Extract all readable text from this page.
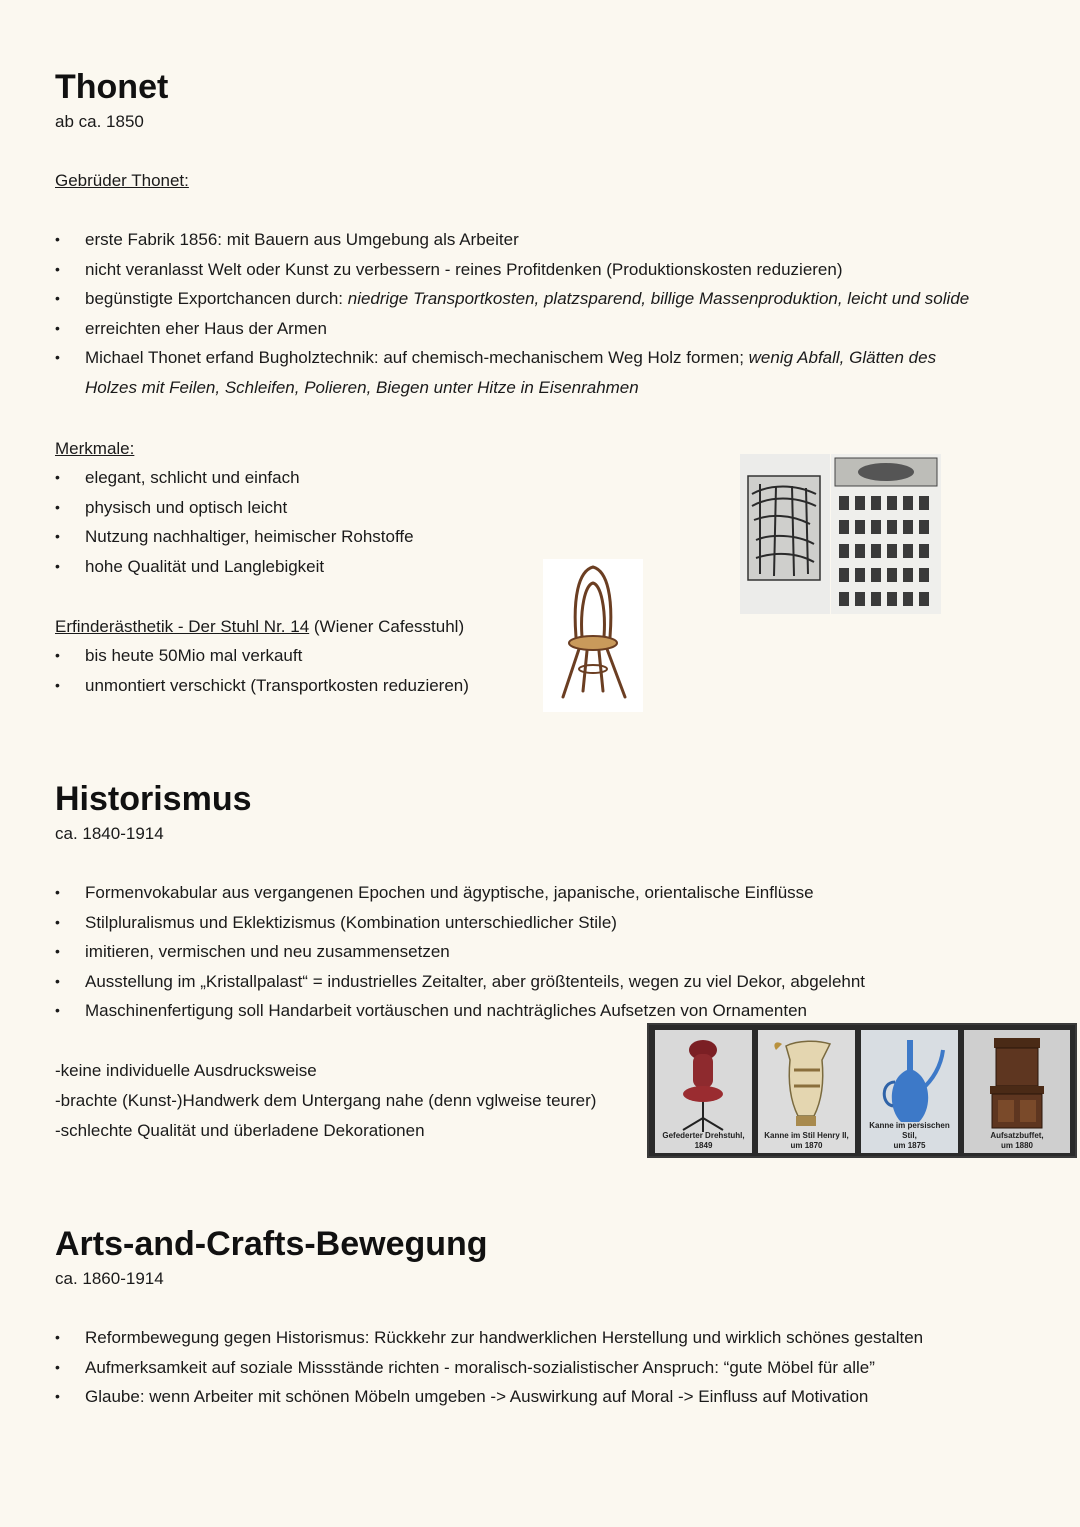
Thonet
ab ca. 1850
Gebrüder Thonet:
• erste Fabrik 1856: mit Bauern aus Umgebung als Arbeiter
• nicht veranlasst Welt oder Kunst zu verbessern - reines Profitdenken (Produktionskosten reduzieren)
• begünstigte Exportchancen durch: niedrige Transportkosten, platzsparend, billige Massenproduktion, leicht und solide
• erreichten eher Haus der Armen
• Michael Thonet erfand Bugholztechnik: auf chemisch-mechanischem Weg Holz formen; wenig Abfall, Glätten des Holzes mit Feilen, Schleifen, Polieren, Biegen unter Hitze in Eisenrahmen
Merkmale:
• elegant, schlicht und einfach
• physisch und optisch leicht
• Nutzung nachhaltiger, heimischer Rohstoffe
• hohe Qualität und Langlebigkeit
Erfinderästhetik - Der Stuhl Nr. 14 (Wiener Cafesstuhl)
• bis heute 50Mio mal verkauft
• unmontiert verschickt (Transportkosten reduzieren)
Historismus
ca. 1840-1914
• Formenvokabular aus vergangenen Epochen und ägyptische, japanische, orientalische Einflüsse
• Stilpluralismus und Eklektizismus (Kombination unterschiedlicher Stile)
• imitieren, vermischen und neu zusammensetzen
• Ausstellung im „Kristallpalast“ = industrielles Zeitalter, aber größtenteils, wegen zu viel Dekor, abgelehnt
• Maschinenfertigung soll Handarbeit vortäuschen und nachträgliches Aufsetzen von Ornamenten
-keine individuelle Ausdrucksweise
-brachte (Kunst-)Handwerk dem Untergang nahe (denn vglweise teurer)
-schlechte Qualität und überladene Dekorationen	Gefederter Drehstuhl,
1849
Kanne im Stil Henry II,
um 1870
Kanne im persischen Stil,
um 1875
Aufsatzbuffet,
um 1880
Arts-and-Crafts-Bewegung
ca. 1860-1914
• Reformbewegung gegen Historismus: Rückkehr zur handwerklichen Herstellung und wirklich schönes gestalten
• Aufmerksamkeit auf soziale Missstände richten - moralisch-sozialistischer Anspruch: “gute Möbel für alle”
• Glaube: wenn Arbeiter mit schönen Möbeln umgeben -> Auswirkung auf Moral -> Einfluss auf Motivation
